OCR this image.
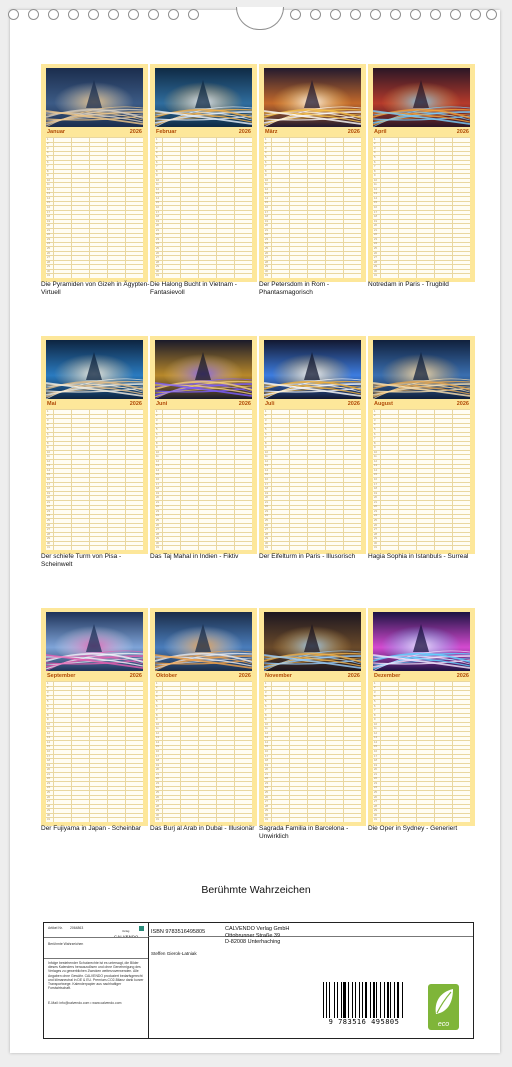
Januar	2026
1
2
3
4
5
6
7
8
9
10
11
12
13
14
15
16
17
18
19
20
21
22
23
24
25
26
27
28
29
30
31
Die Pyramiden von Gizeh in Ägypten- Virtuell
Februar	2026
1
2
3
4
5
6
7
8
9
10
11
12
13
14
15
16
17
18
19
20
21
22
23
24
25
26
27
28
29
30
31
Die Halong Bucht in Vietnam - Fantasievoll
März	2026
1
2
3
4
5
6
7
8
9
10
11
12
13
14
15
16
17
18
19
20
21
22
23
24
25
26
27
28
29
30
31
Der Petersdom in Rom - Phantasmagorisch
April	2026
1
2
3
4
5
6
7
8
9
10
11
12
13
14
15
16
17
18
19
20
21
22
23
24
25
26
27
28
29
30
31
Notredam in Paris - Trugbild
Mai	2026
1
2
3
4
5
6
7
8
9
10
11
12
13
14
15
16
17
18
19
20
21
22
23
24
25
26
27
28
29
30
31
Der schiefe Turm von Pisa - Scheinwelt
Juni	2026
1
2
3
4
5
6
7
8
9
10
11
12
13
14
15
16
17
18
19
20
21
22
23
24
25
26
27
28
29
30
31
Das Taj Mahal in Indien - Fiktiv
Juli	2026
1
2
3
4
5
6
7
8
9
10
11
12
13
14
15
16
17
18
19
20
21
22
23
24
25
26
27
28
29
30
31
Der Eifelturm in Paris - Illusorisch
August	2026
1
2
3
4
5
6
7
8
9
10
11
12
13
14
15
16
17
18
19
20
21
22
23
24
25
26
27
28
29
30
31
Hagia Sophia in Istanbuls - Surreal
September	2026
1
2
3
4
5
6
7
8
9
10
11
12
13
14
15
16
17
18
19
20
21
22
23
24
25
26
27
28
29
30
31
Der Fujiyama in Japan - Scheinbar
Oktober	2026
1
2
3
4
5
6
7
8
9
10
11
12
13
14
15
16
17
18
19
20
21
22
23
24
25
26
27
28
29
30
31
Das Burj al Arab in Dubai - Illusionär
November	2026
1
2
3
4
5
6
7
8
9
10
11
12
13
14
15
16
17
18
19
20
21
22
23
24
25
26
27
28
29
30
31
Sagrada Familia in Barcelona - Unwirklich
Dezember	2026
1
2
3
4
5
6
7
8
9
10
11
12
13
14
15
16
17
18
19
20
21
22
23
24
25
26
27
28
29
30
31
Die Oper in Sydney - Generiert
Berühmte Wahrzeichen
Artikel Nr. 2064863
CALVENDO
Verlag
Berühmte Wahrzeichen
Infolge bestehender Schutzrechte ist es untersagt, die Bilder dieses Kalenders herauszulösen und ohne Genehmigung des Verlages zu gewerblichen Zwecken weiterzuverwenden. Alle Angaben ohne Gewähr. CALVENDO produziert bedarfsgerecht und klimaneutral in DE & EU. Premium-CO2-Bilanz dank kurzer Transportwege. Kalenderpapier aus nachhaltiger Forstwirtschaft.
E-Mail: info@calvendo.com • www.calvendo.com
ISBN 9783516495805
Steffen Gierok-Latniak
CALVENDO Verlag GmbH
Ottobrunner Straße 39
D-82008 Unterhaching
9 783516 495805	eco
